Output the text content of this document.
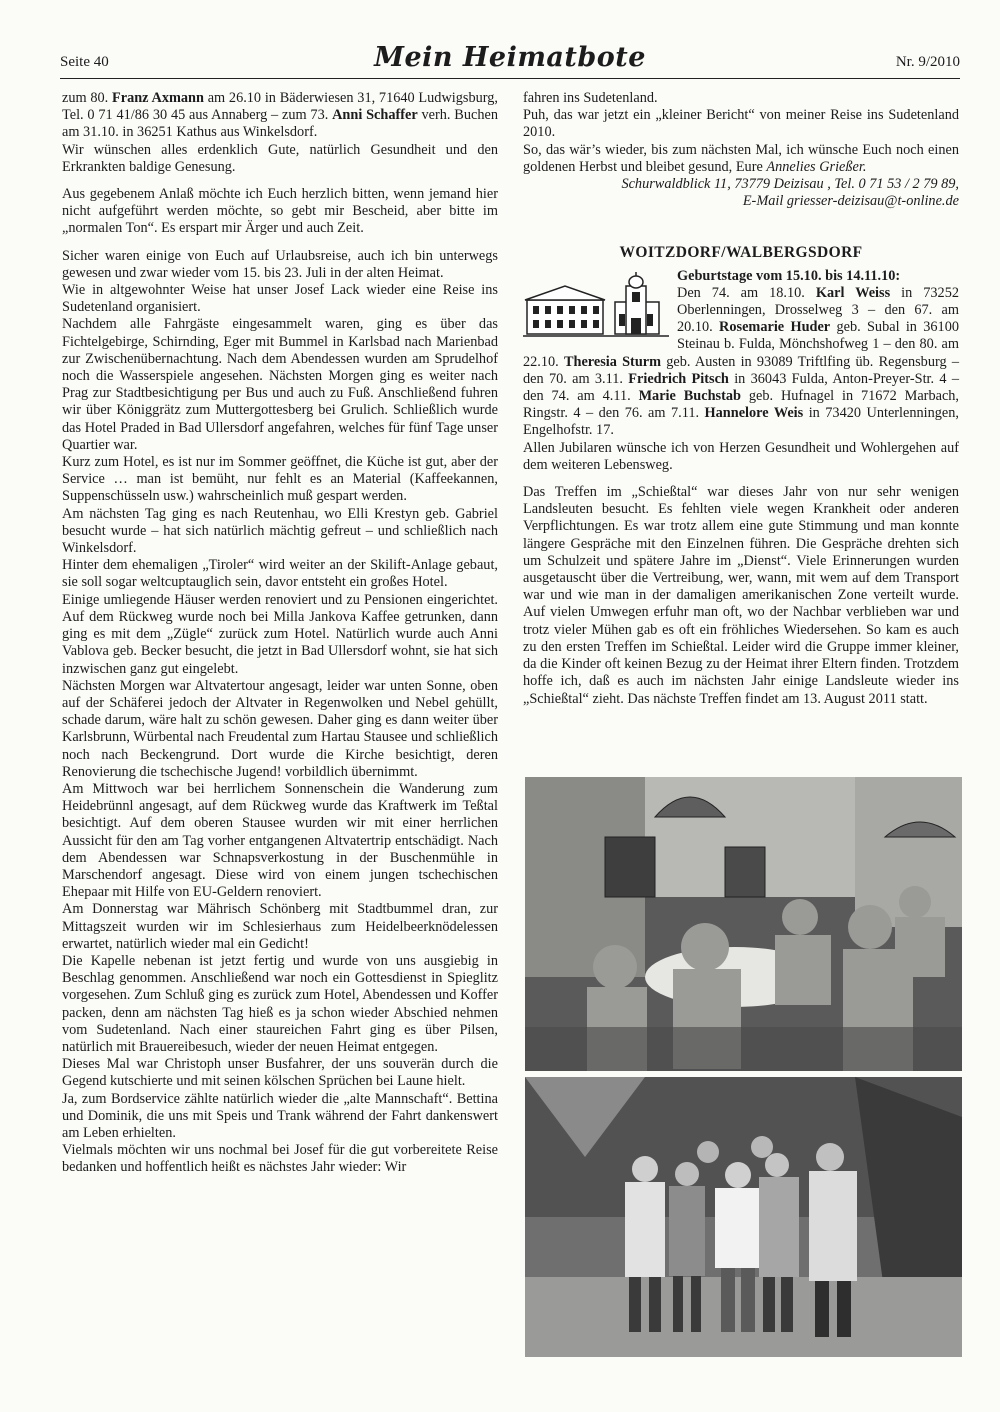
Seite 40	Mein Heimatbote	Nr. 9/2010

zum 80. Franz Axmann am 26.10 in Bäderwiesen 31, 71640 Ludwigsburg, Tel. 0 71 41/86 30 45 aus Annaberg – zum 73. Anni Schaffer verh. Buchen am 31.10. in 36251 Kathus aus Winkelsdorf.

Wir wünschen alles erdenklich Gute, natürlich Gesundheit und den Erkrankten baldige Genesung.

Aus gegebenem Anlaß möchte ich Euch herzlich bitten, wenn jemand hier nicht aufgeführt werden möchte, so gebt mir Bescheid, aber bitte im „normalen Ton“. Es erspart mir Ärger und auch Zeit.

Sicher waren einige von Euch auf Urlaubsreise, auch ich bin unterwegs gewesen und zwar wieder vom 15. bis 23. Juli in der alten Heimat.

Wie in altgewohnter Weise hat unser Josef Lack wieder eine Reise ins Sudetenland organisiert.

Nachdem alle Fahrgäste eingesammelt waren, ging es über das Fichtelgebirge, Schirnding, Eger mit Bummel in Karlsbad nach Marienbad zur Zwischenübernachtung. Nach dem Abendessen wurden am Sprudelhof noch die Wasserspiele angesehen. Nächsten Morgen ging es weiter nach Prag zur Stadtbesichtigung per Bus und auch zu Fuß. Anschließend fuhren wir über Königgrätz zum Muttergottesberg bei Grulich. Schließlich wurde das Hotel Praded in Bad Ullersdorf angefahren, welches für fünf Tage unser Quartier war.

Kurz zum Hotel, es ist nur im Sommer geöffnet, die Küche ist gut, aber der Service … man ist bemüht, nur fehlt es an Material (Kaffeekannen, Suppenschüsseln usw.) wahrscheinlich muß gespart werden.

Am nächsten Tag ging es nach Reutenhau, wo Elli Krestyn geb. Gabriel besucht wurde – hat sich natürlich mächtig gefreut – und schließlich nach Winkelsdorf.

Hinter dem ehemaligen „Tiroler“ wird weiter an der Skilift-Anlage gebaut, sie soll sogar weltcuptauglich sein, davor entsteht ein großes Hotel.

Einige umliegende Häuser werden renoviert und zu Pensionen eingerichtet. Auf dem Rückweg wurde noch bei Milla Jankova Kaffee getrunken, dann ging es mit dem „Zügle“ zurück zum Hotel. Natürlich wurde auch Anni Vablova geb. Becker besucht, die jetzt in Bad Ullersdorf wohnt, sie hat sich inzwischen ganz gut eingelebt.

Nächsten Morgen war Altvatertour angesagt, leider war unten Sonne, oben auf der Schäferei jedoch der Altvater in Regenwolken und Nebel gehüllt, schade darum, wäre halt zu schön gewesen. Daher ging es dann weiter über Karlsbrunn, Würbental nach Freudental zum Hartau Stausee und schließlich noch nach Beckengrund. Dort wurde die Kirche besichtigt, deren Renovierung die tschechische Jugend! vorbildlich übernimmt.

Am Mittwoch war bei herrlichem Sonnenschein die Wanderung zum Heidebrünnl angesagt, auf dem Rückweg wurde das Kraftwerk im Teßtal besichtigt. Auf dem oberen Stausee wurden wir mit einer herrlichen Aussicht für den am Tag vorher entgangenen Altvatertrip entschädigt. Nach dem Abendessen war Schnapsverkostung in der Buschenmühle in Marschendorf angesagt. Diese wird von einem jungen tschechischen Ehepaar mit Hilfe von EU-Geldern renoviert.

Am Donnerstag war Mährisch Schönberg mit Stadtbummel dran, zur Mittagszeit wurden wir im Schlesierhaus zum Heidelbeerknödelessen erwartet, natürlich wieder mal ein Gedicht!

Die Kapelle nebenan ist jetzt fertig und wurde von uns ausgiebig in Beschlag genommen. Anschließend war noch ein Gottesdienst in Spieglitz vorgesehen. Zum Schluß ging es zurück zum Hotel, Abendessen und Koffer packen, denn am nächsten Tag hieß es ja schon wieder Abschied nehmen vom Sudetenland. Nach einer staureichen Fahrt ging es über Pilsen, natürlich mit Brauereibesuch, wieder der neuen Heimat entgegen.

Dieses Mal war Christoph unser Busfahrer, der uns souverän durch die Gegend kutschierte und mit seinen kölschen Sprüchen bei Laune hielt.

Ja, zum Bordservice zählte natürlich wieder die „alte Mannschaft“. Bettina und Dominik, die uns mit Speis und Trank während der Fahrt dankenswert am Leben erhielten.

Vielmals möchten wir uns nochmal bei Josef für die gut vorbereitete Reise bedanken und hoffentlich heißt es nächstes Jahr wieder: Wir

fahren ins Sudetenland.

Puh, das war jetzt ein „kleiner Bericht“ von meiner Reise ins Sudetenland 2010.

So, das wär’s wieder, bis zum nächsten Mal, ich wünsche Euch noch einen goldenen Herbst und bleibet gesund, Eure Annelies Grießer.

Schurwaldblick 11, 73779 Deizisau , Tel. 0 71 53 / 2 79 89,

E-Mail griesser-deizisau@t-online.de

WOITZDORF/WALBERGSDORF

Geburtstage vom 15.10. bis 14.11.10:

Den 74. am 18.10. Karl Weiss in 73252 Oberlenningen, Drosselweg 3 – den 67. am 20.10. Rosemarie Huder geb. Subal in 36100 Steinau b. Fulda, Mönchshofweg 1 – den 80. am 22.10. Theresia Sturm geb. Austen in 93089 Triftlfing üb. Regensburg – den 70. am 3.11. Friedrich Pitsch in 36043 Fulda, Anton-Preyer-Str. 4 – den 74. am 4.11. Marie Buchstab geb. Hufnagel in 71672 Marbach, Ringstr. 4 – den 76. am 7.11. Hannelore Weis in 73420 Unterlenningen, Engelhofstr. 17.

Allen Jubilaren wünsche ich von Herzen Gesundheit und Wohlergehen auf dem weiteren Lebensweg.

Das Treffen im „Schießtal“ war dieses Jahr von nur sehr wenigen Landsleuten besucht. Es fehlten viele wegen Krankheit oder anderen Verpflichtungen. Es war trotz allem eine gute Stimmung und man konnte längere Gespräche mit den Einzelnen führen. Die Gespräche drehten sich um Schulzeit und spätere Jahre im „Dienst“. Viele Erinnerungen wurden ausgetauscht über die Vertreibung, wer, wann, mit wem auf dem Transport war und wie man in der damaligen amerikanischen Zone verteilt wurde. Auf vielen Umwegen erfuhr man oft, wo der Nachbar verblieben war und trotz vieler Mühen gab es oft ein fröhliches Wiedersehen. So kam es auch zu den ersten Treffen im Schießtal. Leider wird die Gruppe immer kleiner, da die Kinder oft keinen Bezug zu der Heimat ihrer Eltern finden. Trotzdem hoffe ich, daß es auch im nächsten Jahr einige Landsleute wieder ins „Schießtal“ zieht. Das nächste Treffen findet am 13. August 2011 statt.
